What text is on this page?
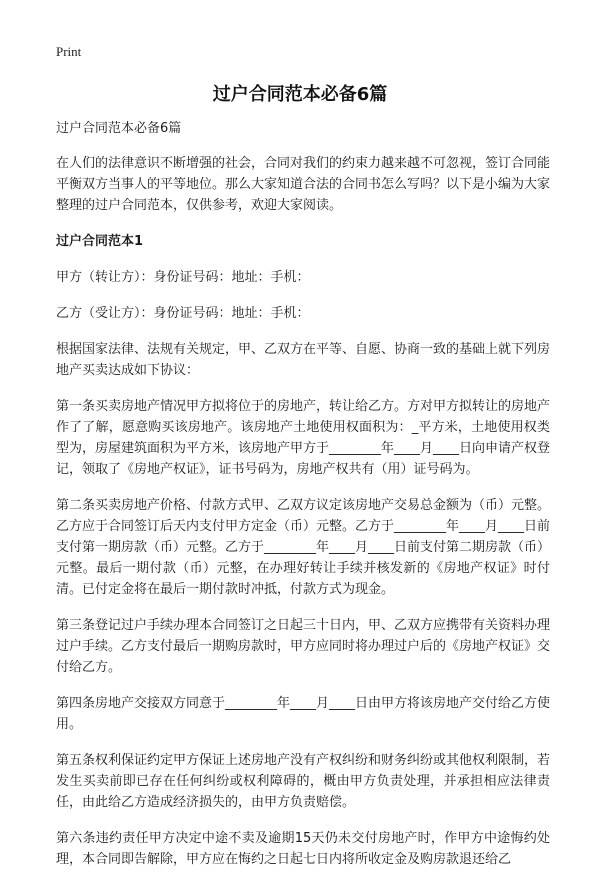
Print
过户合同范本必备6篇

过户合同范本必备6篇

在人们的法律意识不断增强的社会，合同对我们的约束力越来越不可忽视，签订合同能平衡双方当事人的平等地位。那么大家知道合法的合同书怎么写吗？以下是小编为大家整理的过户合同范本，仅供参考，欢迎大家阅读。

过户合同范本1

甲方（转让方）：身份证号码：地址：手机：

乙方（受让方）：身份证号码：地址：手机：

根据国家法律、法规有关规定，甲、乙双方在平等、自愿、协商一致的基础上就下列房地产买卖达成如下协议：

第一条买卖房地产情况甲方拟将位于的房地产，转让给乙方。方对甲方拟转让的房地产作了了解，愿意购买该房地产。该房地产土地使用权面积为：_平方米，土地使用权类型为，房屋建筑面积为平方米，该房地产甲方于________年____月____日向申请产权登记，领取了《房地产权证》，证书号码为，房地产权共有（用）证号码为。

第二条买卖房地产价格、付款方式甲、乙双方议定该房地产交易总金额为（币）元整。乙方应于合同签订后天内支付甲方定金（币）元整。乙方于________年____月____日前支付第一期房款（币）元整。乙方于________年____月____日前支付第二期房款（币）元整。最后一期付款（币）元整，在办理好转让手续并核发新的《房地产权证》时付清。已付定金将在最后一期付款时冲抵，付款方式为现金。

第三条登记过户手续办理本合同签订之日起三十日内，甲、乙双方应携带有关资料办理过户手续。乙方支付最后一期购房款时，甲方应同时将办理过户后的《房地产权证》交付给乙方。

第四条房地产交接双方同意于________年____月____日由甲方将该房地产交付给乙方使用。

第五条权利保证约定甲方保证上述房地产没有产权纠纷和财务纠纷或其他权利限制，若发生买卖前即已存在任何纠纷或权利障碍的，概由甲方负责处理，并承担相应法律责任，由此给乙方造成经济损失的，由甲方负责赔偿。

第六条违约责任甲方决定中途不卖及逾期15天仍未交付房地产时，作甲方中途悔约处理，本合同即告解除，甲方应在悔约之日起七日内将所收定金及购房款退还给乙
